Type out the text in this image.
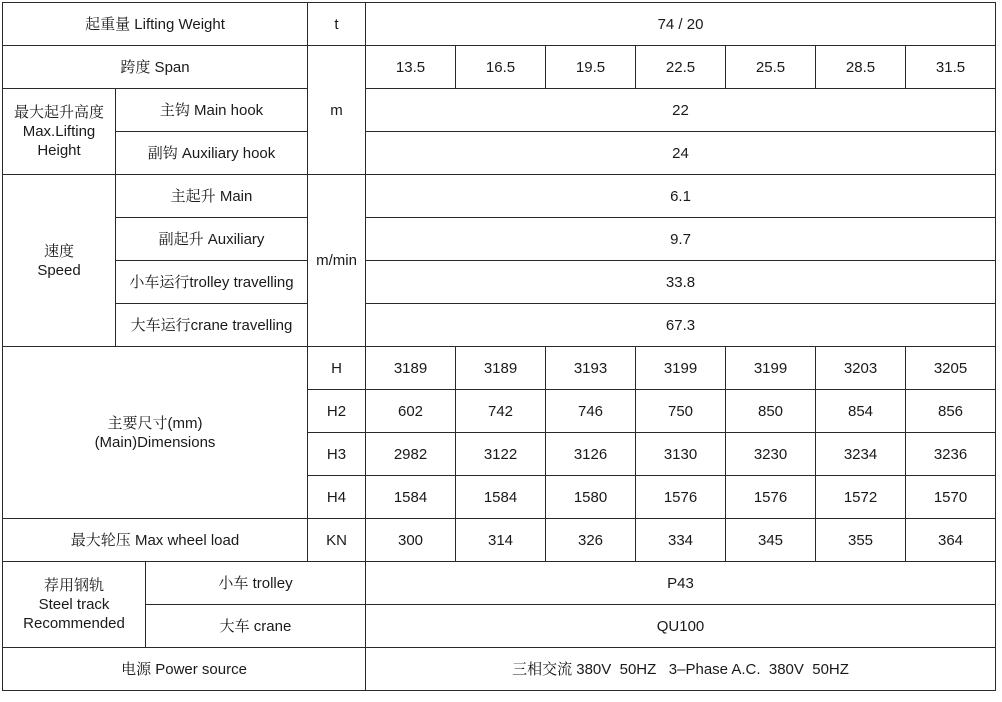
起重量 Lifting Weight			t	74 / 20						
跨度 Span			m	13.5	16.5	19.5	22.5	25.5	28.5	31.5

最大起升高度
Max.Lifting
Height	主钩 Main hook			22						
	副钩 Auxiliary hook			24						

速度
Speed	主起升 Main		m/min	6.1						
	副起升 Auxiliary			9.7						
	小车运行trolley travelling			33.8						
	大车运行crane travelling			67.3						

主要尺寸(mm)
(Main)Dimensions			H	3189	3189	3193	3199	3199	3203	3205
			H2	602	742	746	750	850	854	856
			H3	2982	3122	3126	3130	3230	3234	3236
			H4	1584	1584	1580	1576	1576	1572	1570
最大轮压 Max wheel load			KN	300	314	326	334	345	355	364

荐用钢轨
Steel track
Recommended		小车 trolley		P43						
		大车 crane		QU100						
电源 Power source				三相交流 380V  50HZ   3–Phase A.C.  380V  50HZ						
